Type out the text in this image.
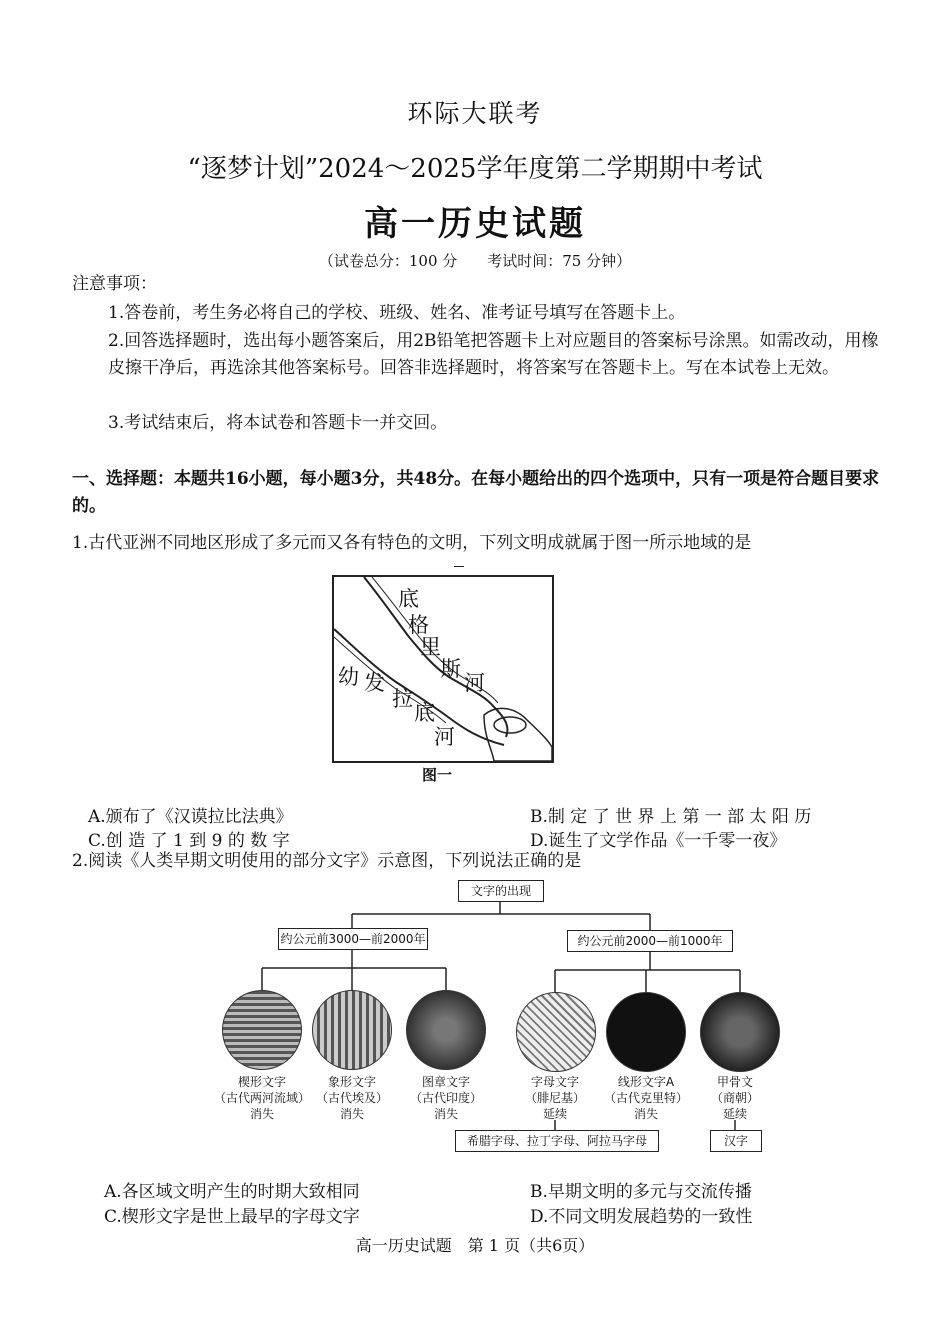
环际大联考
“逐梦计划”2024～2025学年度第二学期期中考试
高一历史试题
（试卷总分：100 分　　考试时间：75 分钟）
注意事项：
1.答卷前，考生务必将自己的学校、班级、姓名、准考证号填写在答题卡上。
2.回答选择题时，选出每小题答案后，用2B铅笔把答题卡上对应题目的答案标号涂黑。如需改动，用橡皮擦干净后，再选涂其他答案标号。回答非选择题时，将答案写在答题卡上。写在本试卷上无效。
3.考试结束后，将本试卷和答题卡一并交回。
一、选择题：本题共16小题，每小题3分，共48分。在每小题给出的四个选项中，只有一项是符合题目要求的。
1.古代亚洲不同地区形成了多元而又各有特色的文明，下列文明成就属于图一所示地域的是
底
格
里
斯
河
幼 发
拉
底
河
图一
A.颁布了《汉谟拉比法典》	B.制 定 了 世 界 上 第 一 部 太 阳 历
C.创 造 了 1 到 9 的 数 字	D.诞生了文学作品《一千零一夜》
2.阅读《人类早期文明使用的部分文字》示意图，下列说法正确的是
文字的出现
约公元前3000—前2000年	约公元前2000—前1000年
楔形文字
（古代两河流域）
消失
象形文字
（古代埃及）
消失
图章文字
（古代印度）
消失
字母文字
（腓尼基）
延续
线形文字A
（古代克里特）
消失
甲骨文
（商朝）
延续
希腊字母、拉丁字母、阿拉马字母	汉字
A.各区域文明产生的时期大致相同	B.早期文明的多元与交流传播
C.楔形文字是世上最早的字母文字	D.不同文明发展趋势的一致性
高一历史试题　第 1 页（共6页）
